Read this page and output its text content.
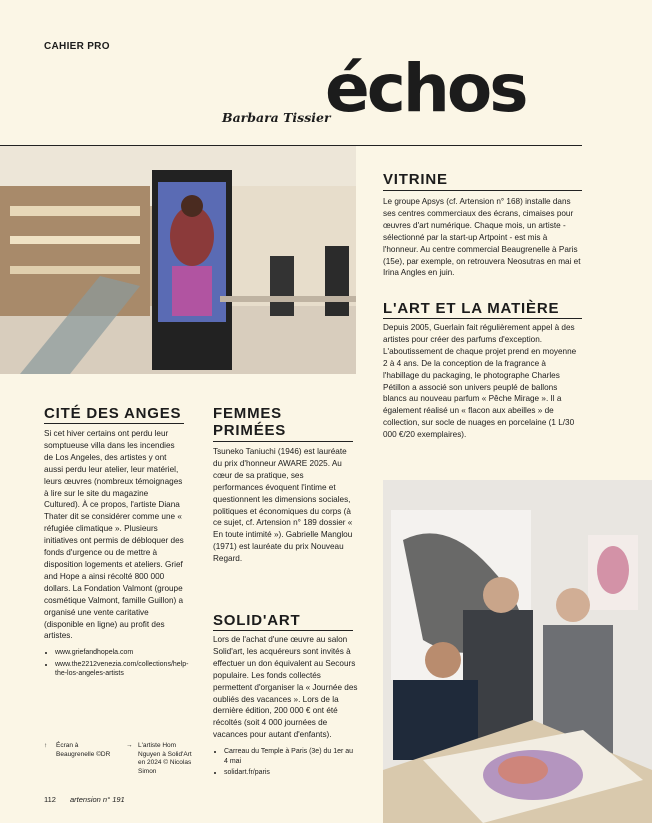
CAHIER PRO
Barbara Tissier
échos
VITRINE
Le groupe Apsys (cf. Artension n° 168) installe dans ses centres commerciaux des écrans, cimaises pour œuvres d'art numérique. Chaque mois, un artiste - sélectionné par la start-up Artpoint - est mis à l'honneur. Au centre commercial Beaugrenelle à Paris (15e), par exemple, on retrouvera Neosutras en mai et Irina Angles en juin.
L'ART ET LA MATIÈRE
Depuis 2005, Guerlain fait régulièrement appel à des artistes pour créer des parfums d'exception. L'aboutissement de chaque projet prend en moyenne 2 à 4 ans. De la conception de la fragrance à l'habillage du packaging, le photographe Charles Pétillon a associé son univers peuplé de ballons blancs au nouveau parfum « Pêche Mirage ». Il a également réalisé un « flacon aux abeilles » de collection, sur socle de nuages en porcelaine (1 L/30 000 €/20 exemplaires).
CITÉ DES ANGES
Si cet hiver certains ont perdu leur somptueuse villa dans les incendies de Los Angeles, des artistes y ont aussi perdu leur atelier, leur matériel, leurs œuvres (nombreux témoignages à lire sur le site du magazine Cultured). À ce propos, l'artiste Diana Thater dit se considérer comme une « réfugiée climatique ». Plusieurs initiatives ont permis de débloquer des fonds d'urgence ou de mettre à disposition logements et ateliers. Grief and Hope a ainsi récolté 800 000 dollars. La Fondation Valmont (groupe cosmétique Valmont, famille Guillon) a organisé une vente caritative (disponible en ligne) au profit des artistes.
• www.griefandhopela.com
• www.the2212venezia.com/collections/help-the-los-angeles-artists
FEMMES
PRIMÉES
Tsuneko Taniuchi (1946) est lauréate du prix d'honneur AWARE 2025. Au cœur de sa pratique, ses performances évoquent l'intime et questionnent les dimensions sociales, politiques et économiques du corps (à ce sujet, cf. Artension n° 189 dossier « En toute intimité »). Gabrielle Manglou (1971) est lauréate du prix Nouveau Regard.
SOLID'ART
Lors de l'achat d'une œuvre au salon Solid'art, les acquéreurs sont invités à effectuer un don équivalent au Secours populaire. Les fonds collectés permettent d'organiser la « Journée des oubliés des vacances ». Lors de la dernière édition, 200 000 € ont été récoltés (soit 4 000 journées de vacances pour autant d'enfants).
• Carreau du Temple à Paris (3e) du 1er au 4 mai
• solidart.fr/paris
↑	Écran à Beaugrenelle ©DR
→ L'artiste Hom Nguyen à Solid'Art en 2024 © Nicolas Simon
112 artension n° 191
